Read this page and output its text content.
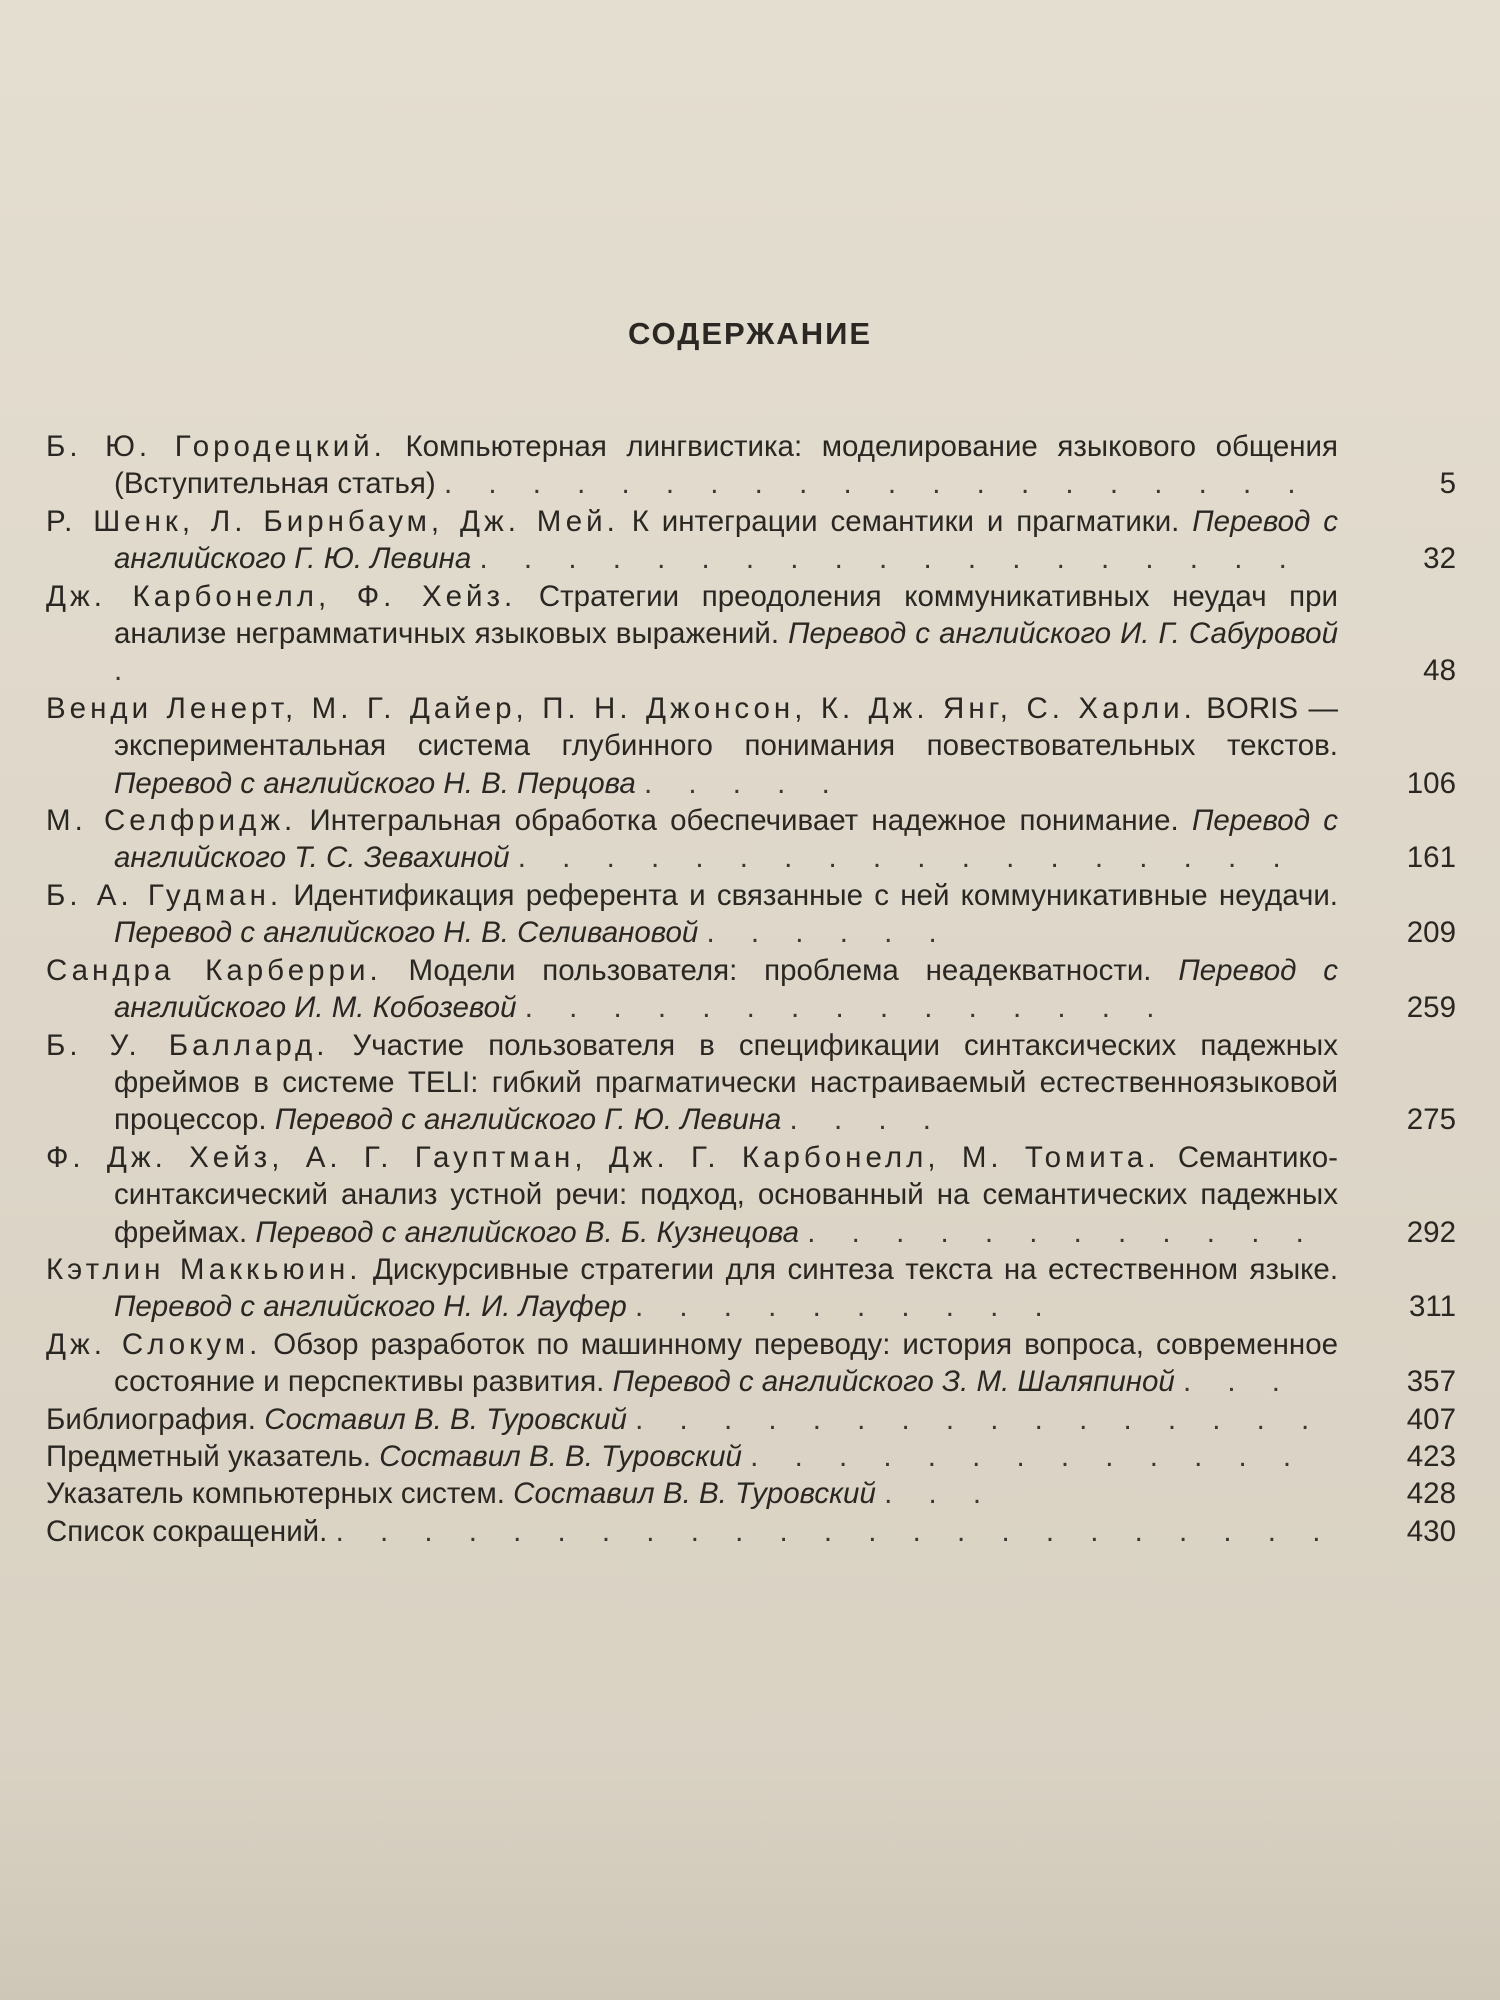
СОДЕРЖАНИЕ
Б. Ю. Городецкий. Компьютерная лингвистика: моделирование языкового общения (Вступительная статья) . . . . . . . . . . . . . . . . . . . .	5
Р. Шенк, Л. Бирнбаум, Дж. Мей. К интеграции семантики и прагматики. Перевод с английского Г. Ю. Левина . . . . . . . . . . . . . . . . . . .	32
Дж. Карбонелл, Ф. Хейз. Стратегии преодоления коммуникативных неудач при анализе неграмматичных языковых выражений. Перевод с английского И. Г. Сабуровой .	48
Венди Ленерт, М. Г. Дайер, П. Н. Джонсон, К. Дж. Янг, С. Харли. BORIS — экспериментальная система глубинного понимания повествовательных текстов. Перевод с английского Н. В. Перцова . . . . .	106
М. Селфридж. Интегральная обработка обеспечивает надежное понимание. Перевод с английского Т. С. Зевахиной . . . . . . . . . . . . . . . . . .	161
Б. А. Гудман. Идентификация референта и связанные с ней коммуникативные неудачи. Перевод с английского Н. В. Селивановой . . . . . .	209
Сандра Карберри. Модели пользователя: проблема неадекватности. Перевод с английского И. М. Кобозевой . . . . . . . . . . . . . . .	259
Б. У. Баллард. Участие пользователя в спецификации синтаксических падежных фреймов в системе TELI: гибкий прагматически настраиваемый естественноязыковой процессор. Перевод с английского Г. Ю. Левина . . . .	275
Ф. Дж. Хейз, А. Г. Гауптман, Дж. Г. Карбонелл, М. Томита. Семантико-синтаксический анализ устной речи: подход, основанный на семантических падежных фреймах. Перевод с английского В. Б. Кузнецова . . . . . . . . . . . .	292
Кэтлин Маккьюин. Дискурсивные стратегии для синтеза текста на естественном языке. Перевод с английского Н. И. Лауфер . . . . . . . . . .	311
Дж. Слокум. Обзор разработок по машинному переводу: история вопроса, современное состояние и перспективы развития. Перевод с английского З. М. Шаляпиной . . .	357
Библиография. Составил В. В. Туровский . . . . . . . . . . . . . . . .	407
Предметный указатель. Составил В. В. Туровский . . . . . . . . . . . . .	423
Указатель компьютерных систем. Составил В. В. Туровский . . .	428
Список сокращений. . . . . . . . . . . . . . . . . . . . . . . .	430
